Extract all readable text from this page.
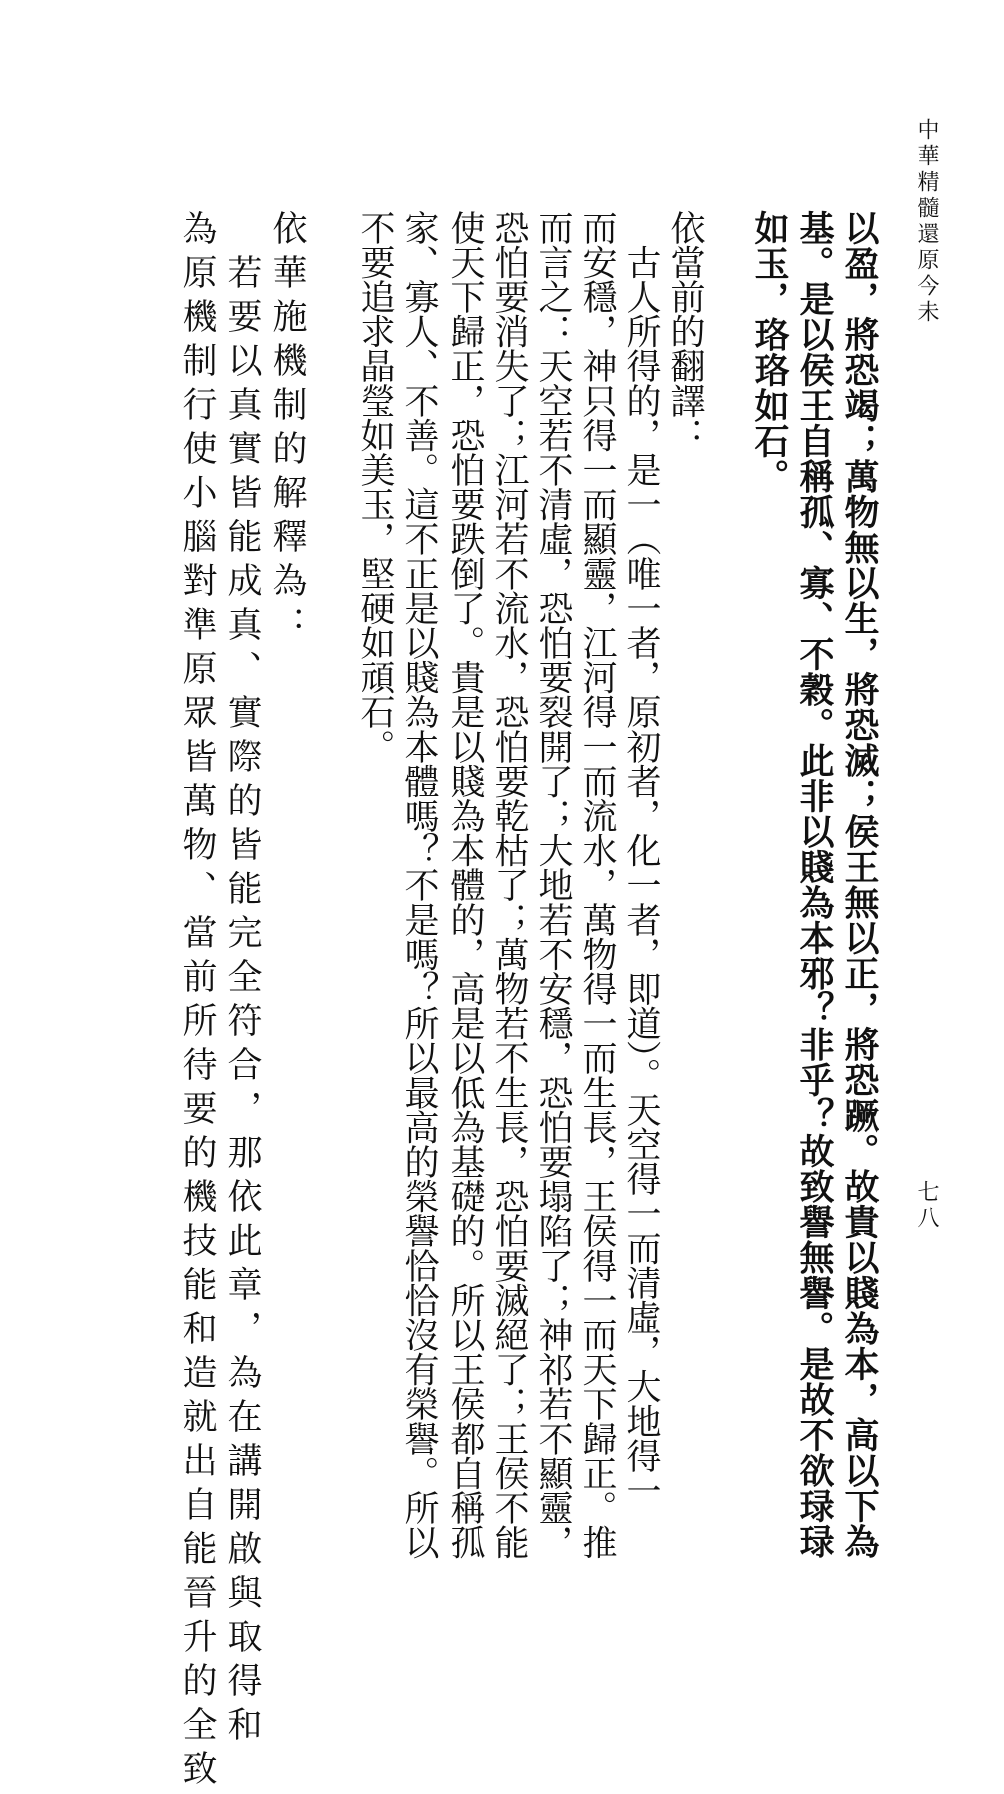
中華精髓還原今未
七八
以盈，將恐竭；萬物無以生，將恐滅；侯王無以正，將恐蹶。故貴以賤為本，高以下為
基。是以侯王自稱孤、寡、不穀。此非以賤為本邪？非乎？故致譽無譽。是故不欲琭琭
如玉，珞珞如石。
依當前的翻譯：
　古人所得的，是一（唯一者，原初者，化一者，即道）。天空得一而清虛，大地得一
而安穩，神只得一而顯靈，江河得一而流水，萬物得一而生長，王侯得一而天下歸正。推
而言之：天空若不清虛，恐怕要裂開了；大地若不安穩，恐怕要塌陷了；神祁若不顯靈，
恐怕要消失了；江河若不流水，恐怕要乾枯了；萬物若不生長，恐怕要滅絕了；王侯不能
使天下歸正，恐怕要跌倒了。貴是以賤為本體的，高是以低為基礎的。所以王侯都自稱孤
家、寡人、不善。這不正是以賤為本體嗎？不是嗎？所以最高的榮譽恰恰沒有榮譽。所以
不要追求晶瑩如美玉，堅硬如頑石。
依華施機制的解釋為：
　若要以真實皆能成真、實際的皆能完全符合，那依此章，為在講開啟與取得和
為原機制行使小腦對準原眾皆萬物、當前所待要的機技能和造就出自能晉升的全致
